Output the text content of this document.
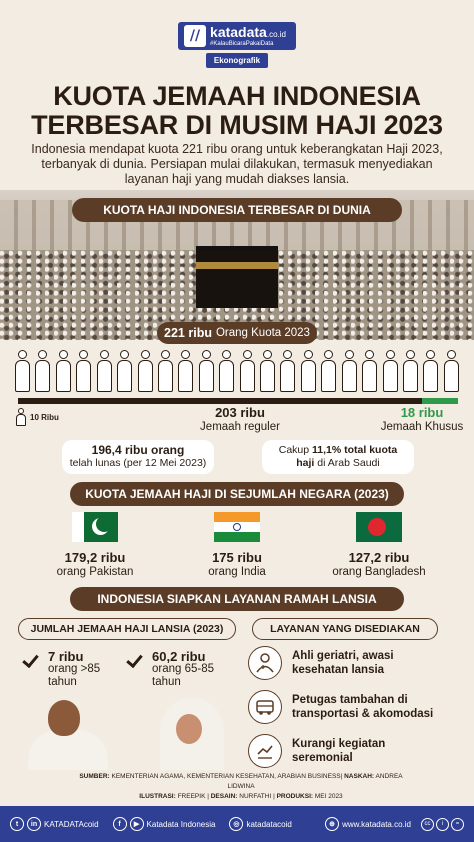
// katadata.co.id
#KalauBicaraPakaiData
Ekonografik
KUOTA JEMAAH INDONESIA
TERBESAR DI MUSIM HAJI 2023
Indonesia mendapat kuota 221 ribu orang untuk keberangkatan Haji 2023, terbanyak di dunia. Persiapan mulai dilakukan, termasuk menyediakan layanan haji yang mudah diakses lansia.
KUOTA HAJI INDONESIA TERBESAR DI DUNIA
221 ribu Orang Kuota 2023
10 Ribu	203 ribu
Jemaah reguler
18 ribu
Jemaah Khusus
196,4 ribu orang
telah lunas (per 12 Mei 2023)
Cakup 11,1% total kuota
haji di Arab Saudi
KUOTA JEMAAH HAJI DI SEJUMLAH NEGARA (2023)
179,2 ribu
orang Pakistan
175 ribu
orang India
127,2 ribu
orang Bangladesh
INDONESIA SIAPKAN LAYANAN RAMAH LANSIA
JUMLAH JEMAAH HAJI LANSIA (2023)	LAYANAN YANG DISEDIAKAN
7 ribu
orang >85
tahun
60,2 ribu
orang 65-85
tahun
Ahli geriatri, awasi
kesehatan lansia
Petugas tambahan di
transportasi & akomodasi
Kurangi kegiatan
seremonial
SUMBER: KEMENTERIAN AGAMA, KEMENTERIAN KESEHATAN, ARABIAN BUSINESS| NASKAH: ANDREA LIDWINA
ILUSTRASI: FREEPIK | DESAIN: NURFATHI | PRODUKSI: MEI 2023
t	in KATADATAcoid	f	▶ Katadata Indonesia	◎ katadatacoid	⊕ www.katadata.co.id	cc	i	=
